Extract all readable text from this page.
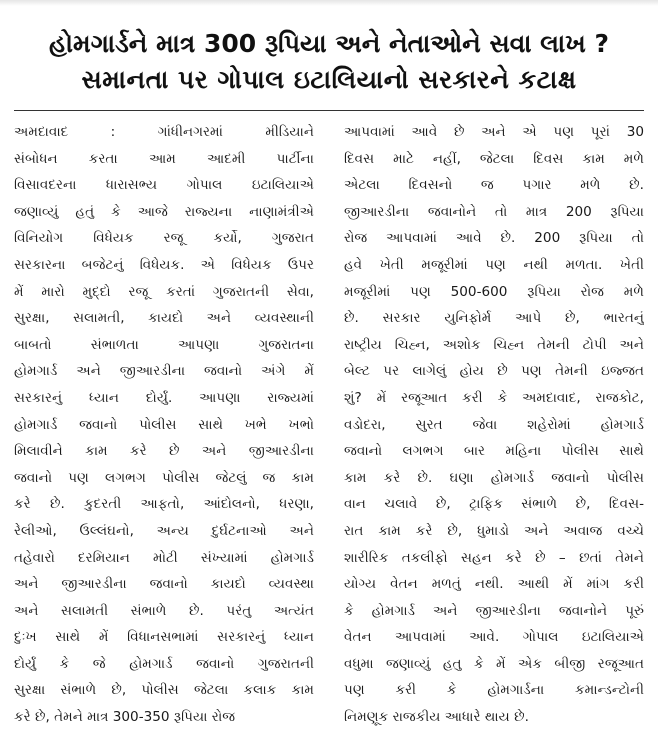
હોમગાર્ડને માત્ર 300 રૂપિયા અને નેતાઓને સવા લાખ ?
સમાનતા પર ગોપાલ ઇટાલિયાનો સરકારને કટાક્ષ
અમદાવાદ : ગાંધીનગરમાં મીડિયાને
સંબોધન કરતા આમ આદમી પાર્ટીના
વિસાવદરના ધારાસભ્ય ગોપાલ ઇટાલિયાએ
જણાવ્યું હતું કે આજે રાજ્યના નાણામંત્રીએ
વિનિયોગ વિધેયક રજૂ કર્યો, ગુજરાત
સરકારના બજેટનું વિધેયક. એ વિધેયક ઉપર
મેં મારો મુદ્દો રજૂ કરતાં ગુજરાતની સેવા,
સુરક્ષા, સલામતી, કાયદો અને વ્યવસ્થાની
બાબતો સંભાળતા આપણા ગુજરાતના
હોમગાર્ડ અને જીઆરડીના જવાનો અંગે મેં
સરકારનું ધ્યાન દોર્યું. આપણા રાજ્યમાં
હોમગાર્ડ જવાનો પોલીસ સાથે ખભે ખભો
મિલાવીને કામ કરે છે અને જીઆરડીના
જવાનો પણ લગભગ પોલીસ જેટલું જ કામ
કરે છે. કુદરતી આફતો, આંદોલનો, ધરણા,
રેલીઓ, ઉલ્લંઘનો, અન્ય દુર્ઘટનાઓ અને
તહેવારો દરમિયાન મોટી સંખ્યામાં હોમગાર્ડ
અને જીઆરડીના જવાનો કાયદો વ્યવસ્થા
અને સલામતી સંભાળે છે. પરંતુ અત્યંત
દુઃખ સાથે મેં વિધાનસભામાં સરકારનું ધ્યાન
દોર્યું કે જે હોમગાર્ડ જવાનો ગુજરાતની
સુરક્ષા સંભાળે છે, પોલીસ જેટલા કલાક કામ
કરે છે, તેમને માત્ર 300-350 રૂપિયા રોજ
આપવામાં આવે છે અને એ પણ પૂરાં 30
દિવસ માટે નહીં, જેટલા દિવસ કામ મળે
એટલા દિવસનો જ પગાર મળે છે.
જીઆરડીના જવાનોને તો માત્ર 200 રૂપિયા
રોજ આપવામાં આવે છે. 200 રૂપિયા તો
હવે ખેતી મજૂરીમાં પણ નથી મળતા. ખેતી
મજૂરીમાં પણ 500-600 રૂપિયા રોજ મળે
છે. સરકાર યુનિફોર્મ આપે છે, ભારતનું
રાષ્ટ્રીય ચિહ્ન, અશોક ચિહ્ન તેમની ટોપી અને
બેલ્ટ પર લાગેલું હોય છે પણ તેમની ઇજ્જત
શું? મેં રજૂઆત કરી કે અમદાવાદ, રાજકોટ,
વડોદરા, સુરત જેવા શહેરોમાં હોમગાર્ડ
જવાનો લગભગ બાર મહિના પોલીસ સાથે
કામ કરે છે. ઘણા હોમગાર્ડ જવાનો પોલીસ
વાન ચલાવે છે, ટ્રાફિક સંભાળે છે, દિવસ-
રાત કામ કરે છે, ધુમાડો અને અવાજ વચ્ચે
શારીરિક તકલીફો સહન કરે છે – છતાં તેમને
યોગ્ય વેતન મળતું નથી. આથી મેં માંગ કરી
કે હોમગાર્ડ અને જીઆરડીના જવાનોને પૂરું
વેતન આપવામાં આવે. ગોપાલ ઇટાલિયાએ
વધુમા જણાવ્યું હતુ કે મેં એક બીજી રજૂઆત
પણ કરી કે હોમગાર્ડના કમાન્ડન્ટોની
નિમણૂક રાજકીય આધારે થાય છે.
